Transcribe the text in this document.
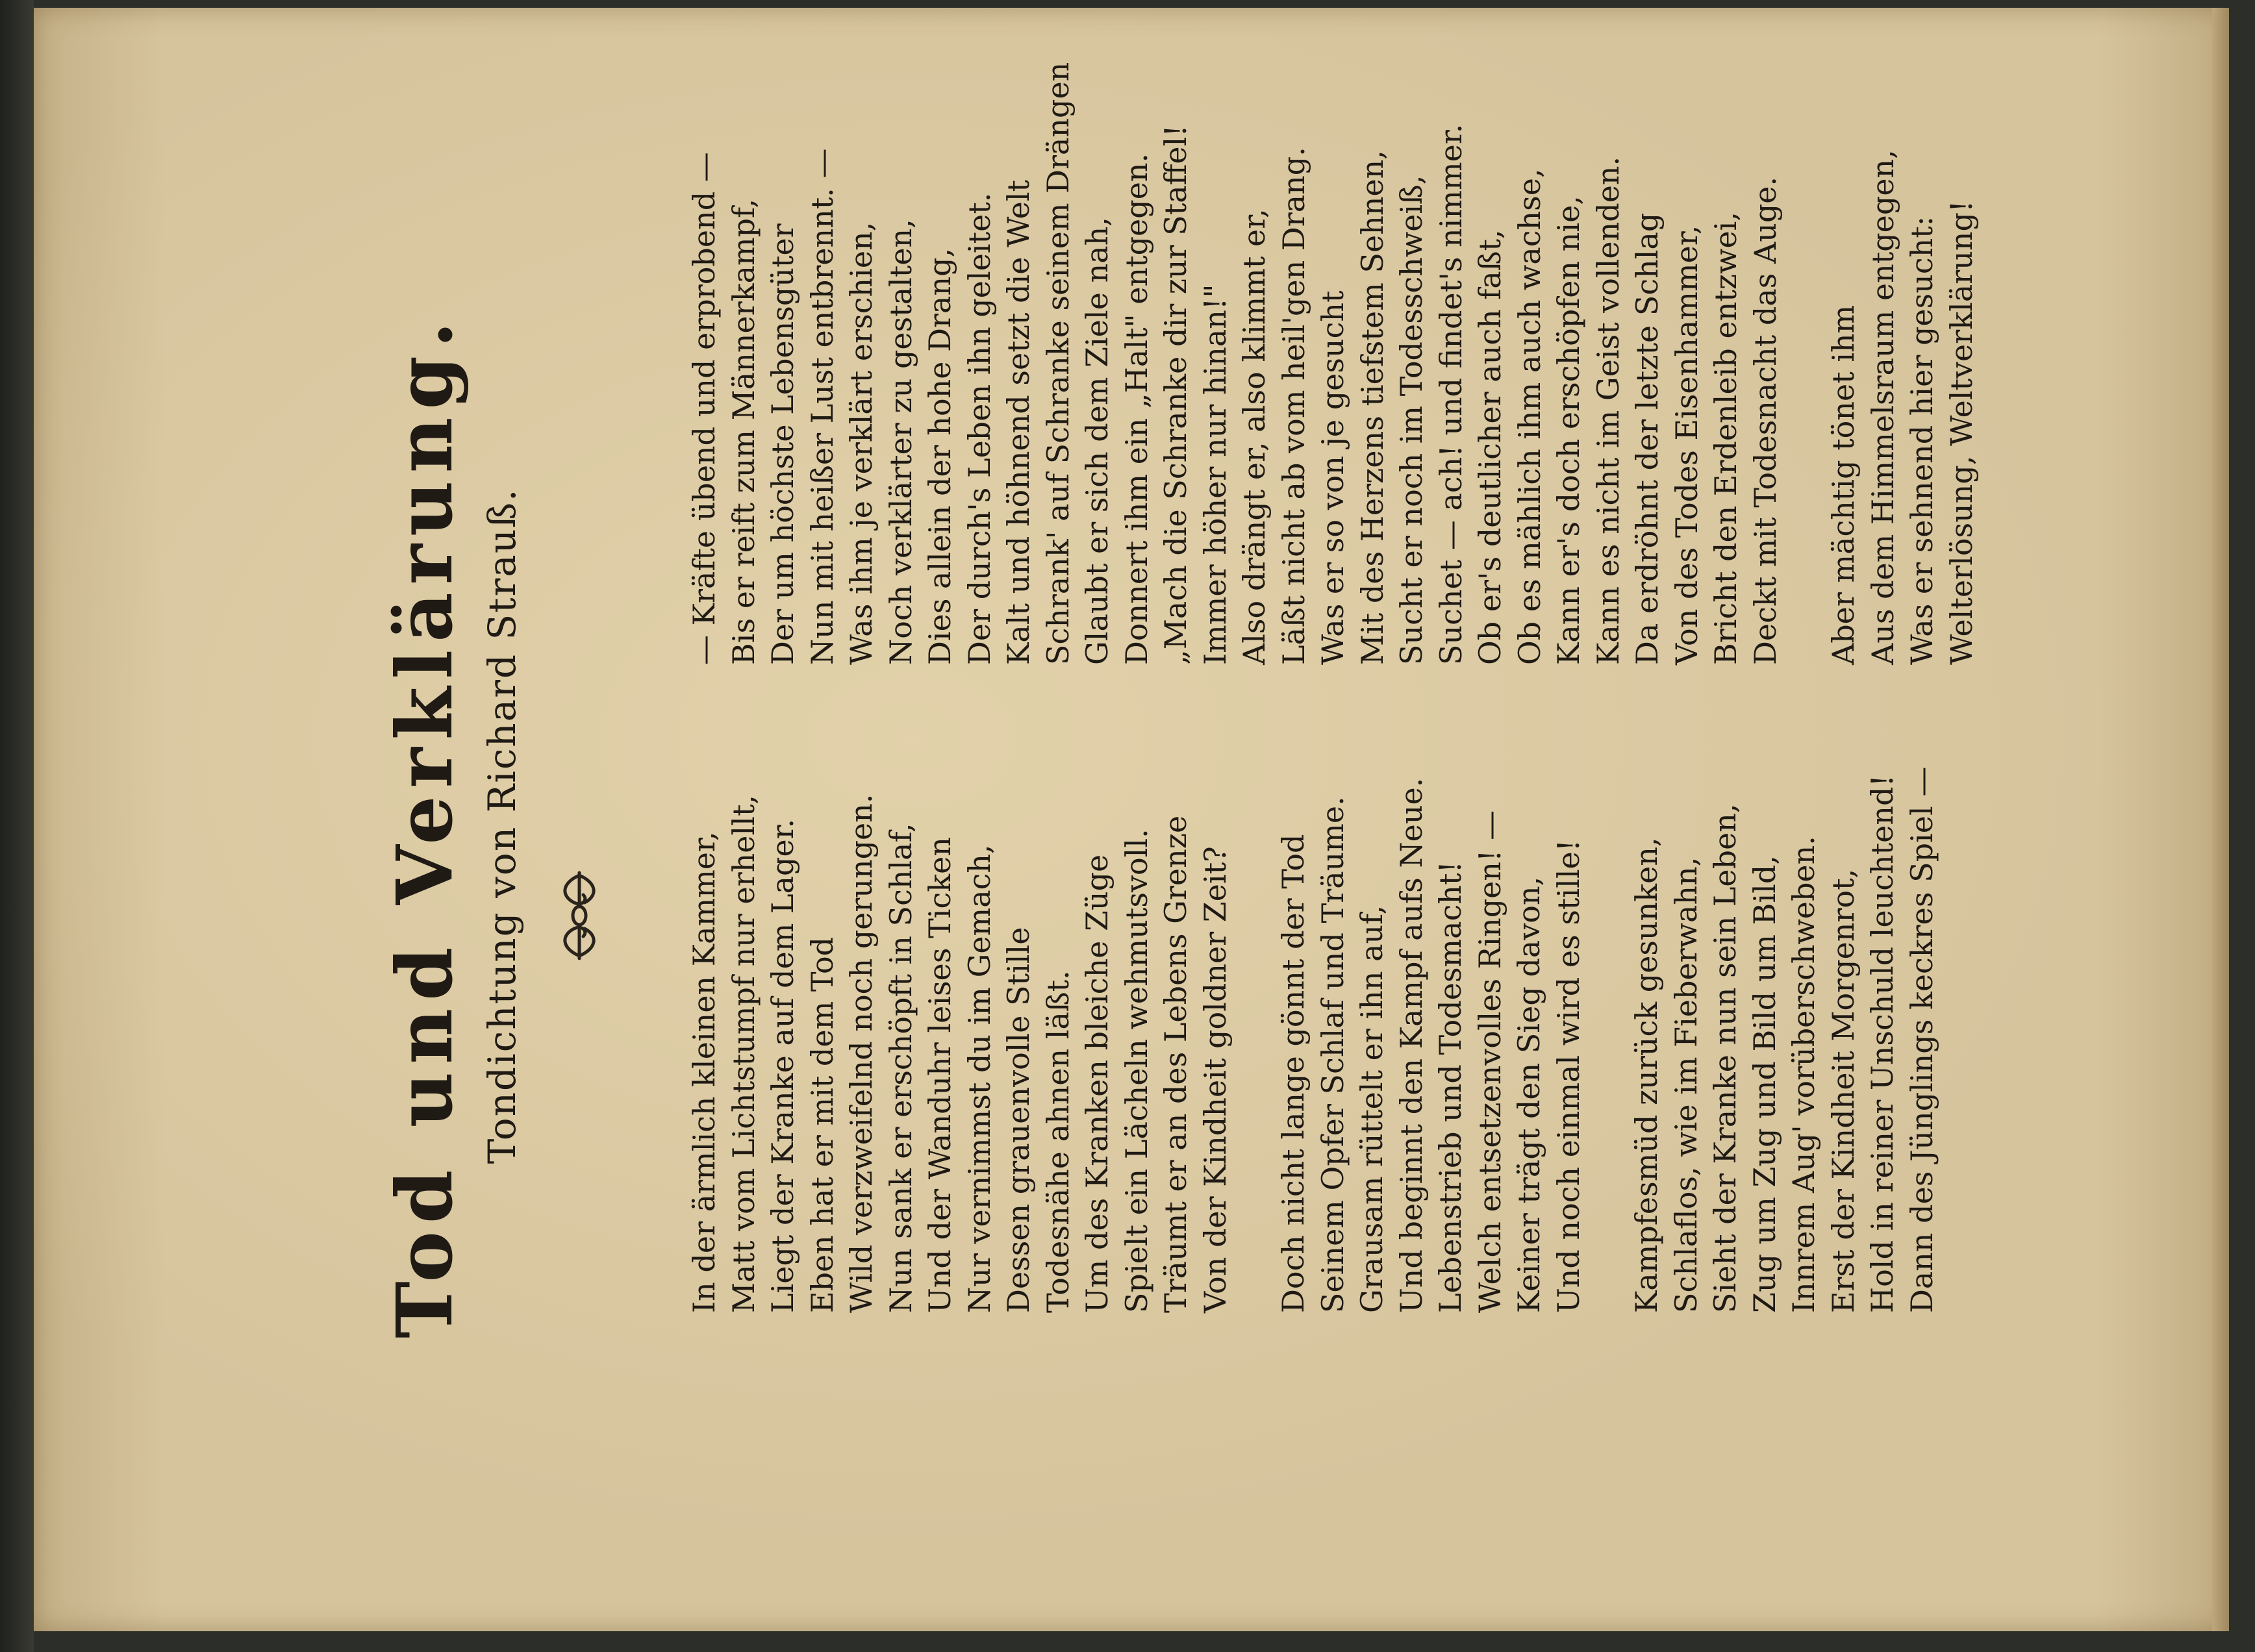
Tod und Verklärung. Tondichtung von Richard Strauß.	In der ärmlich kleinen Kammer, Matt vom Lichtstumpf nur erhellt, Liegt der Kranke auf dem Lager. Eben hat er mit dem Tod Wild verzweifelnd noch gerungen. Nun sank er erschöpft in Schlaf, Und der Wanduhr leises Ticken Nur vernimmst du im Gemach, Dessen grauenvolle Stille Todesnähe ahnen läßt. Um des Kranken bleiche Züge Spielt ein Lächeln wehmutsvoll. Träumt er an des Lebens Grenze Von der Kindheit goldner Zeit? Doch nicht lange gönnt der Tod Seinem Opfer Schlaf und Träume. Grausam rüttelt er ihn auf, Und beginnt den Kampf aufs Neue. Lebenstrieb und Todesmacht! Welch entsetzenvolles Ringen! — Keiner trägt den Sieg davon, Und noch einmal wird es stille! Kampfesmüd zurück gesunken, Schlaflos, wie im Fieberwahn, Sieht der Kranke nun sein Leben, Zug um Zug und Bild um Bild, Innrem Aug' vorüberschweben. Erst der Kindheit Morgenrot, Hold in reiner Unschuld leuchtend! Dann des Jünglings keckres Spiel —
— Kräfte übend und erprobend — Bis er reift zum Männerkampf, Der um höchste Lebensgüter Nun mit heißer Lust entbrennt. — Was ihm je verklärt erschien, Noch verklärter zu gestalten, Dies allein der hohe Drang, Der durch's Leben ihn geleitet. Kalt und höhnend setzt die Welt Schrank' auf Schranke seinem Drängen Glaubt er sich dem Ziele nah, Donnert ihm ein „Halt" entgegen. „Mach die Schranke dir zur Staffel! Immer höher nur hinan!" Also drängt er, also klimmt er, Läßt nicht ab vom heil'gen Drang. Was er so von je gesucht Mit des Herzens tiefstem Sehnen, Sucht er noch im Todesschweiß, Suchet — ach! und findet's nimmer. Ob er's deutlicher auch faßt, Ob es mählich ihm auch wachse, Kann er's doch erschöpfen nie, Kann es nicht im Geist vollenden. Da erdröhnt der letzte Schlag Von des Todes Eisenhammer, Bricht den Erdenleib entzwei, Deckt mit Todesnacht das Auge. Aber mächtig tönet ihm Aus dem Himmelsraum entgegen, Was er sehnend hier gesucht: Welterlösung, Weltverklärung!
